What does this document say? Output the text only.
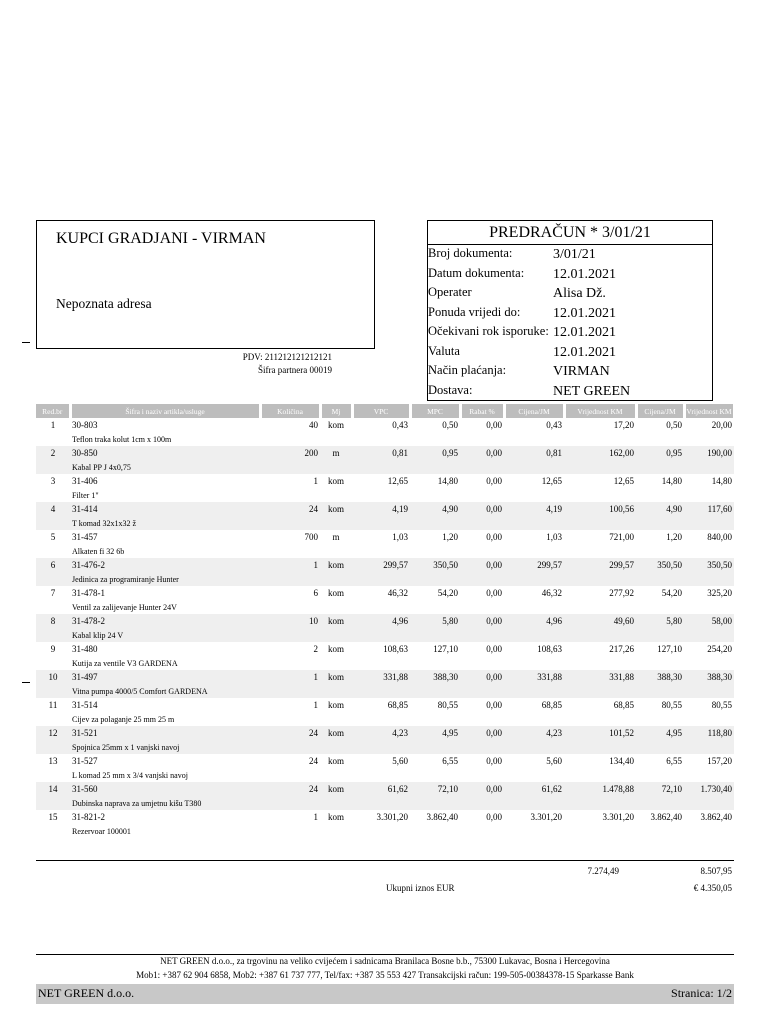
KUPCI GRADJANI - VIRMAN
Nepoznata adresa
PREDRAČUN * 3/01/21
Broj dokumenta:	3/01/21
Datum dokumenta: 12.01.2021
Operater	Alisa Dž.
Ponuda vrijedi do: 12.01.2021
Očekivani rok isporuke: 12.01.2021
Valuta	12.01.2021
Način plaćanja:	VIRMAN
Dostava:	NET GREEN
PDV: 211212121212121
Šifra partnera 00019
Red.br	Šifra i naziv artikla/usluge	Količina	Mj	VPC	MPC	Rabat %	Cijena/JM	Vrijednost KM	Cijena/JM	Vrijednost KM
1	30-803	40	kom	0,43	0,50	0,00	0,43	17,20	0,50	20,00
	Teflon traka kolut 1cm x 100m									
2	30-850	200	m	0,81	0,95	0,00	0,81	162,00	0,95	190,00
	Kabal PP J 4x0,75									
3	31-406	1	kom	12,65	14,80	0,00	12,65	12,65	14,80	14,80
	Filter 1"									
4	31-414	24	kom	4,19	4,90	0,00	4,19	100,56	4,90	117,60
	T komad 32x1x32 ž									
5	31-457	700	m	1,03	1,20	0,00	1,03	721,00	1,20	840,00
	Alkaten fi 32 6b									
6	31-476-2	1	kom	299,57	350,50	0,00	299,57	299,57	350,50	350,50
	Jedinica za programiranje Hunter									
7	31-478-1	6	kom	46,32	54,20	0,00	46,32	277,92	54,20	325,20
	Ventil za zalijevanje Hunter 24V									
8	31-478-2	10	kom	4,96	5,80	0,00	4,96	49,60	5,80	58,00
	Kabal klip 24 V									
9	31-480	2	kom	108,63	127,10	0,00	108,63	217,26	127,10	254,20
	Kutija za ventile V3 GARDENA									
10	31-497	1	kom	331,88	388,30	0,00	331,88	331,88	388,30	388,30
	Vitna pumpa 4000/5 Comfort GARDENA									
11	31-514	1	kom	68,85	80,55	0,00	68,85	68,85	80,55	80,55
	Cijev za polaganje 25 mm 25 m									
12	31-521	24	kom	4,23	4,95	0,00	4,23	101,52	4,95	118,80
	Spojnica 25mm x 1 vanjski navoj									
13	31-527	24	kom	5,60	6,55	0,00	5,60	134,40	6,55	157,20
	L komad 25 mm x 3/4 vanjski navoj									
14	31-560	24	kom	61,62	72,10	0,00	61,62	1.478,88	72,10	1.730,40
	Dubinska naprava za umjetnu kišu T380									
15	31-821-2	1	kom	3.301,20	3.862,40	0,00	3.301,20	3.301,20	3.862,40	3.862,40
	Rezervoar 100001									
7.274,49	8.507,95
Ukupni iznos EUR	€ 4.350,05
NET GREEN d.o.o., za trgovinu na veliko cvijećem i sadnicama Branilaca Bosne b.b., 75300 Lukavac, Bosna i Hercegovina
Mob1: +387 62 904 6858, Mob2: +387 61 737 777, Tel/fax: +387 35 553 427 Transakcijski račun: 199-505-00384378-15 Sparkasse Bank
NET GREEN d.o.o.	Stranica: 1/2
